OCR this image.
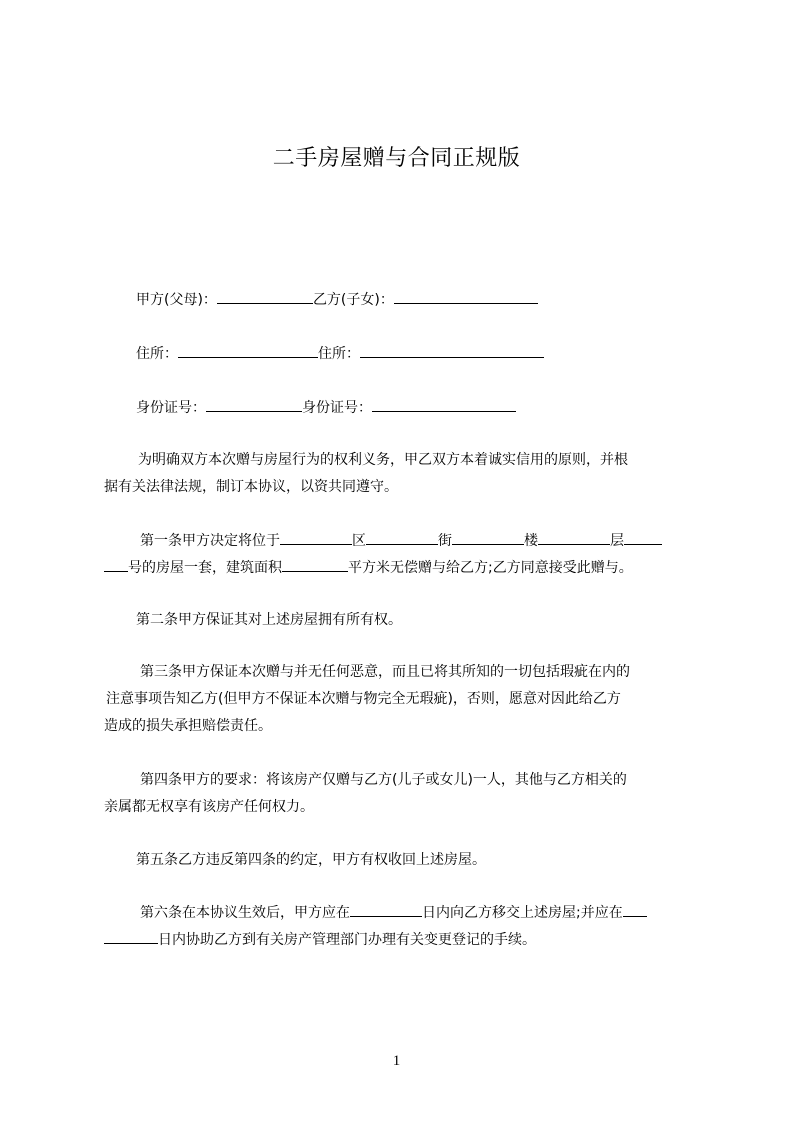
二手房屋赠与合同正规版
甲方(父母)：	乙方(子女)：
住所：	住所：
身份证号：	身份证号：
为明确双方本次赠与房屋行为的权利义务，甲乙双方本着诚实信用的原则，并根
据有关法律法规，制订本协议，以资共同遵守。
第一条甲方决定将位于	区	街	楼	层
号的房屋一套，建筑面积	平方米无偿赠与给乙方;乙方同意接受此赠与。
第二条甲方保证其对上述房屋拥有所有权。
第三条甲方保证本次赠与并无任何恶意，而且已将其所知的一切包括瑕疵在内的
注意事项告知乙方(但甲方不保证本次赠与物完全无瑕疵)，否则，愿意对因此给乙方
造成的损失承担赔偿责任。
第四条甲方的要求：将该房产仅赠与乙方(儿子或女儿)一人，其他与乙方相关的
亲属都无权享有该房产任何权力。
第五条乙方违反第四条的约定，甲方有权收回上述房屋。
第六条在本协议生效后，甲方应在	日内向乙方移交上述房屋;并应在
日内协助乙方到有关房产管理部门办理有关变更登记的手续。
1
